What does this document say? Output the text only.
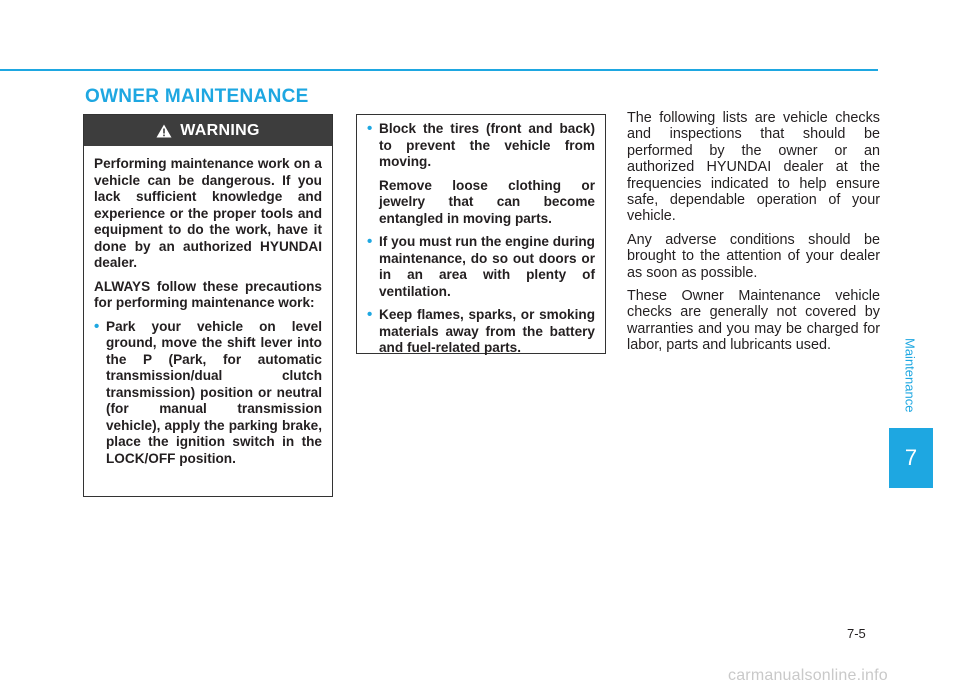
OWNER MAINTENANCE
WARNING

Performing maintenance work on a vehicle can be dangerous. If you lack sufficient knowledge and experience or the proper tools and equipment to do the work, have it done by an authorized HYUNDAI dealer.

ALWAYS follow these precautions for performing maintenance work:

• Park your vehicle on level ground, move the shift lever into the P (Park, for automatic transmission/dual clutch transmission) position or neutral (for manual transmission vehicle), apply the parking brake, place the ignition switch in the LOCK/OFF position.
• Block the tires (front and back) to prevent the vehicle from moving.

Remove loose clothing or jewelry that can become entangled in moving parts.

• If you must run the engine during maintenance, do so out doors or in an area with plenty of ventilation.
• Keep flames, sparks, or smoking materials away from the battery and fuel-related parts.

The following lists are vehicle checks and inspections that should be performed by the owner or an authorized HYUNDAI dealer at the frequencies indicated to help ensure safe, dependable operation of your vehicle.

Any adverse conditions should be brought to the attention of your dealer as soon as possible.

These Owner Maintenance vehicle checks are generally not covered by warranties and you may be charged for labor, parts and lubricants used.	Maintenance
7
7-5
carmanualsonline.info
